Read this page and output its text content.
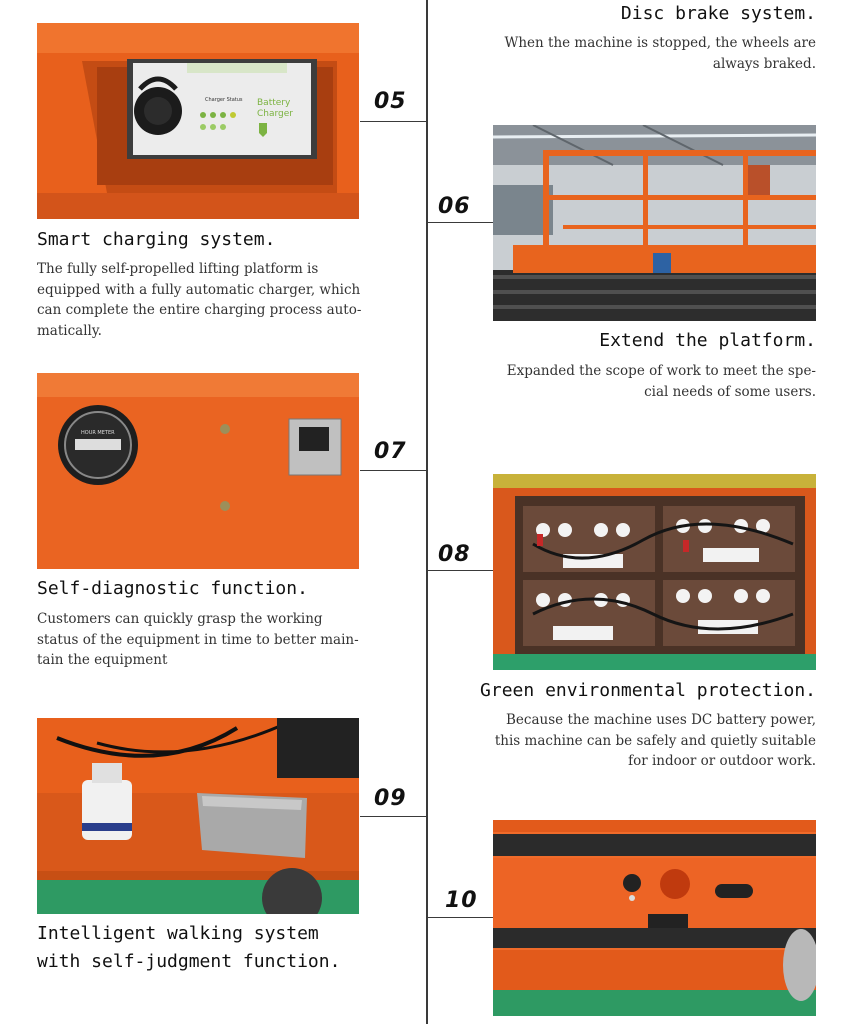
05
06
07
08
09
10
Disc brake system.
When the machine is stopped, the wheels are
always braked.
Charger Status Battery
Charger
Smart charging system.
The fully self-propelled lifting platform is
equipped with a fully automatic charger, which
can complete the entire charging process auto-
matically.	Extend the platform.
Expanded the scope of work to meet the spe-
cial needs of some users.
HOUR METER
Self-diagnostic function.
Customers can quickly grasp the working
status of the equipment in time to better main-
tain the equipment
Green environmental protection.
Because the machine uses DC battery power,
this machine can be safely and quietly suitable
for indoor or outdoor work.
Intelligent walking system
with self-judgment function.
